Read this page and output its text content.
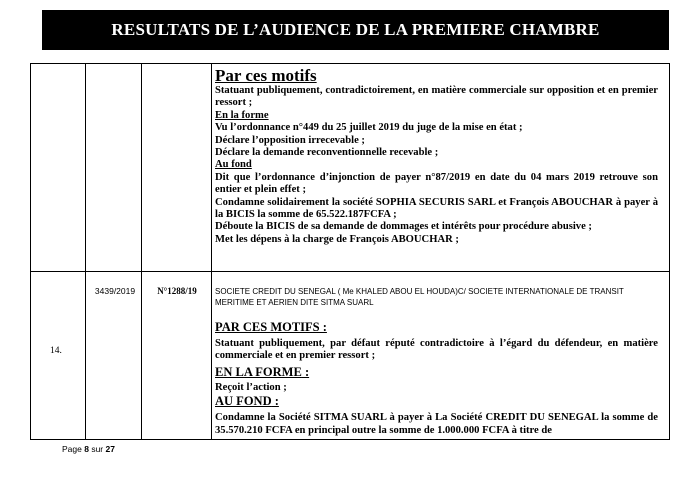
RESULTATS DE L’AUDIENCE DE LA PREMIERE CHAMBRE

Par ces motifs

Statuant publiquement, contradictoirement, en matière commerciale sur opposition et en premier ressort ;

En la forme

Vu l’ordonnance n°449 du 25 juillet 2019 du juge de la mise en état ;

Déclare l’opposition irrecevable ;

Déclare la demande reconventionnelle recevable ;

Au fond

Dit que l’ordonnance d’injonction de payer n°87/2019 en date du 04 mars 2019 retrouve son entier et plein effet ;

Condamne solidairement la société SOPHIA SECURIS SARL et François ABOUCHAR à payer à la BICIS la somme de 65.522.187FCFA ;

Déboute la BICIS de sa demande de dommages et intérêts pour procédure abusive ;

Met les dépens à la charge de François ABOUCHAR ;

14.
3439/2019	N°1288/19	SOCIETE CREDIT DU SENEGAL ( Me KHALED ABOU EL HOUDA)C/ SOCIETE INTERNATIONALE DE TRANSIT MERITIME ET AERIEN DITE SITMA SUARL

PAR CES MOTIFS :

Statuant publiquement, par défaut réputé contradictoire à l’égard du défendeur, en matière commerciale et en premier ressort ;

EN LA FORME :

Reçoit l’action ;

AU FOND :

Condamne la Société SITMA SUARL à payer à La Société CREDIT DU SENEGAL la somme de 35.570.210 FCFA en principal outre la somme de 1.000.000 FCFA à titre de

Page 8 sur 27
